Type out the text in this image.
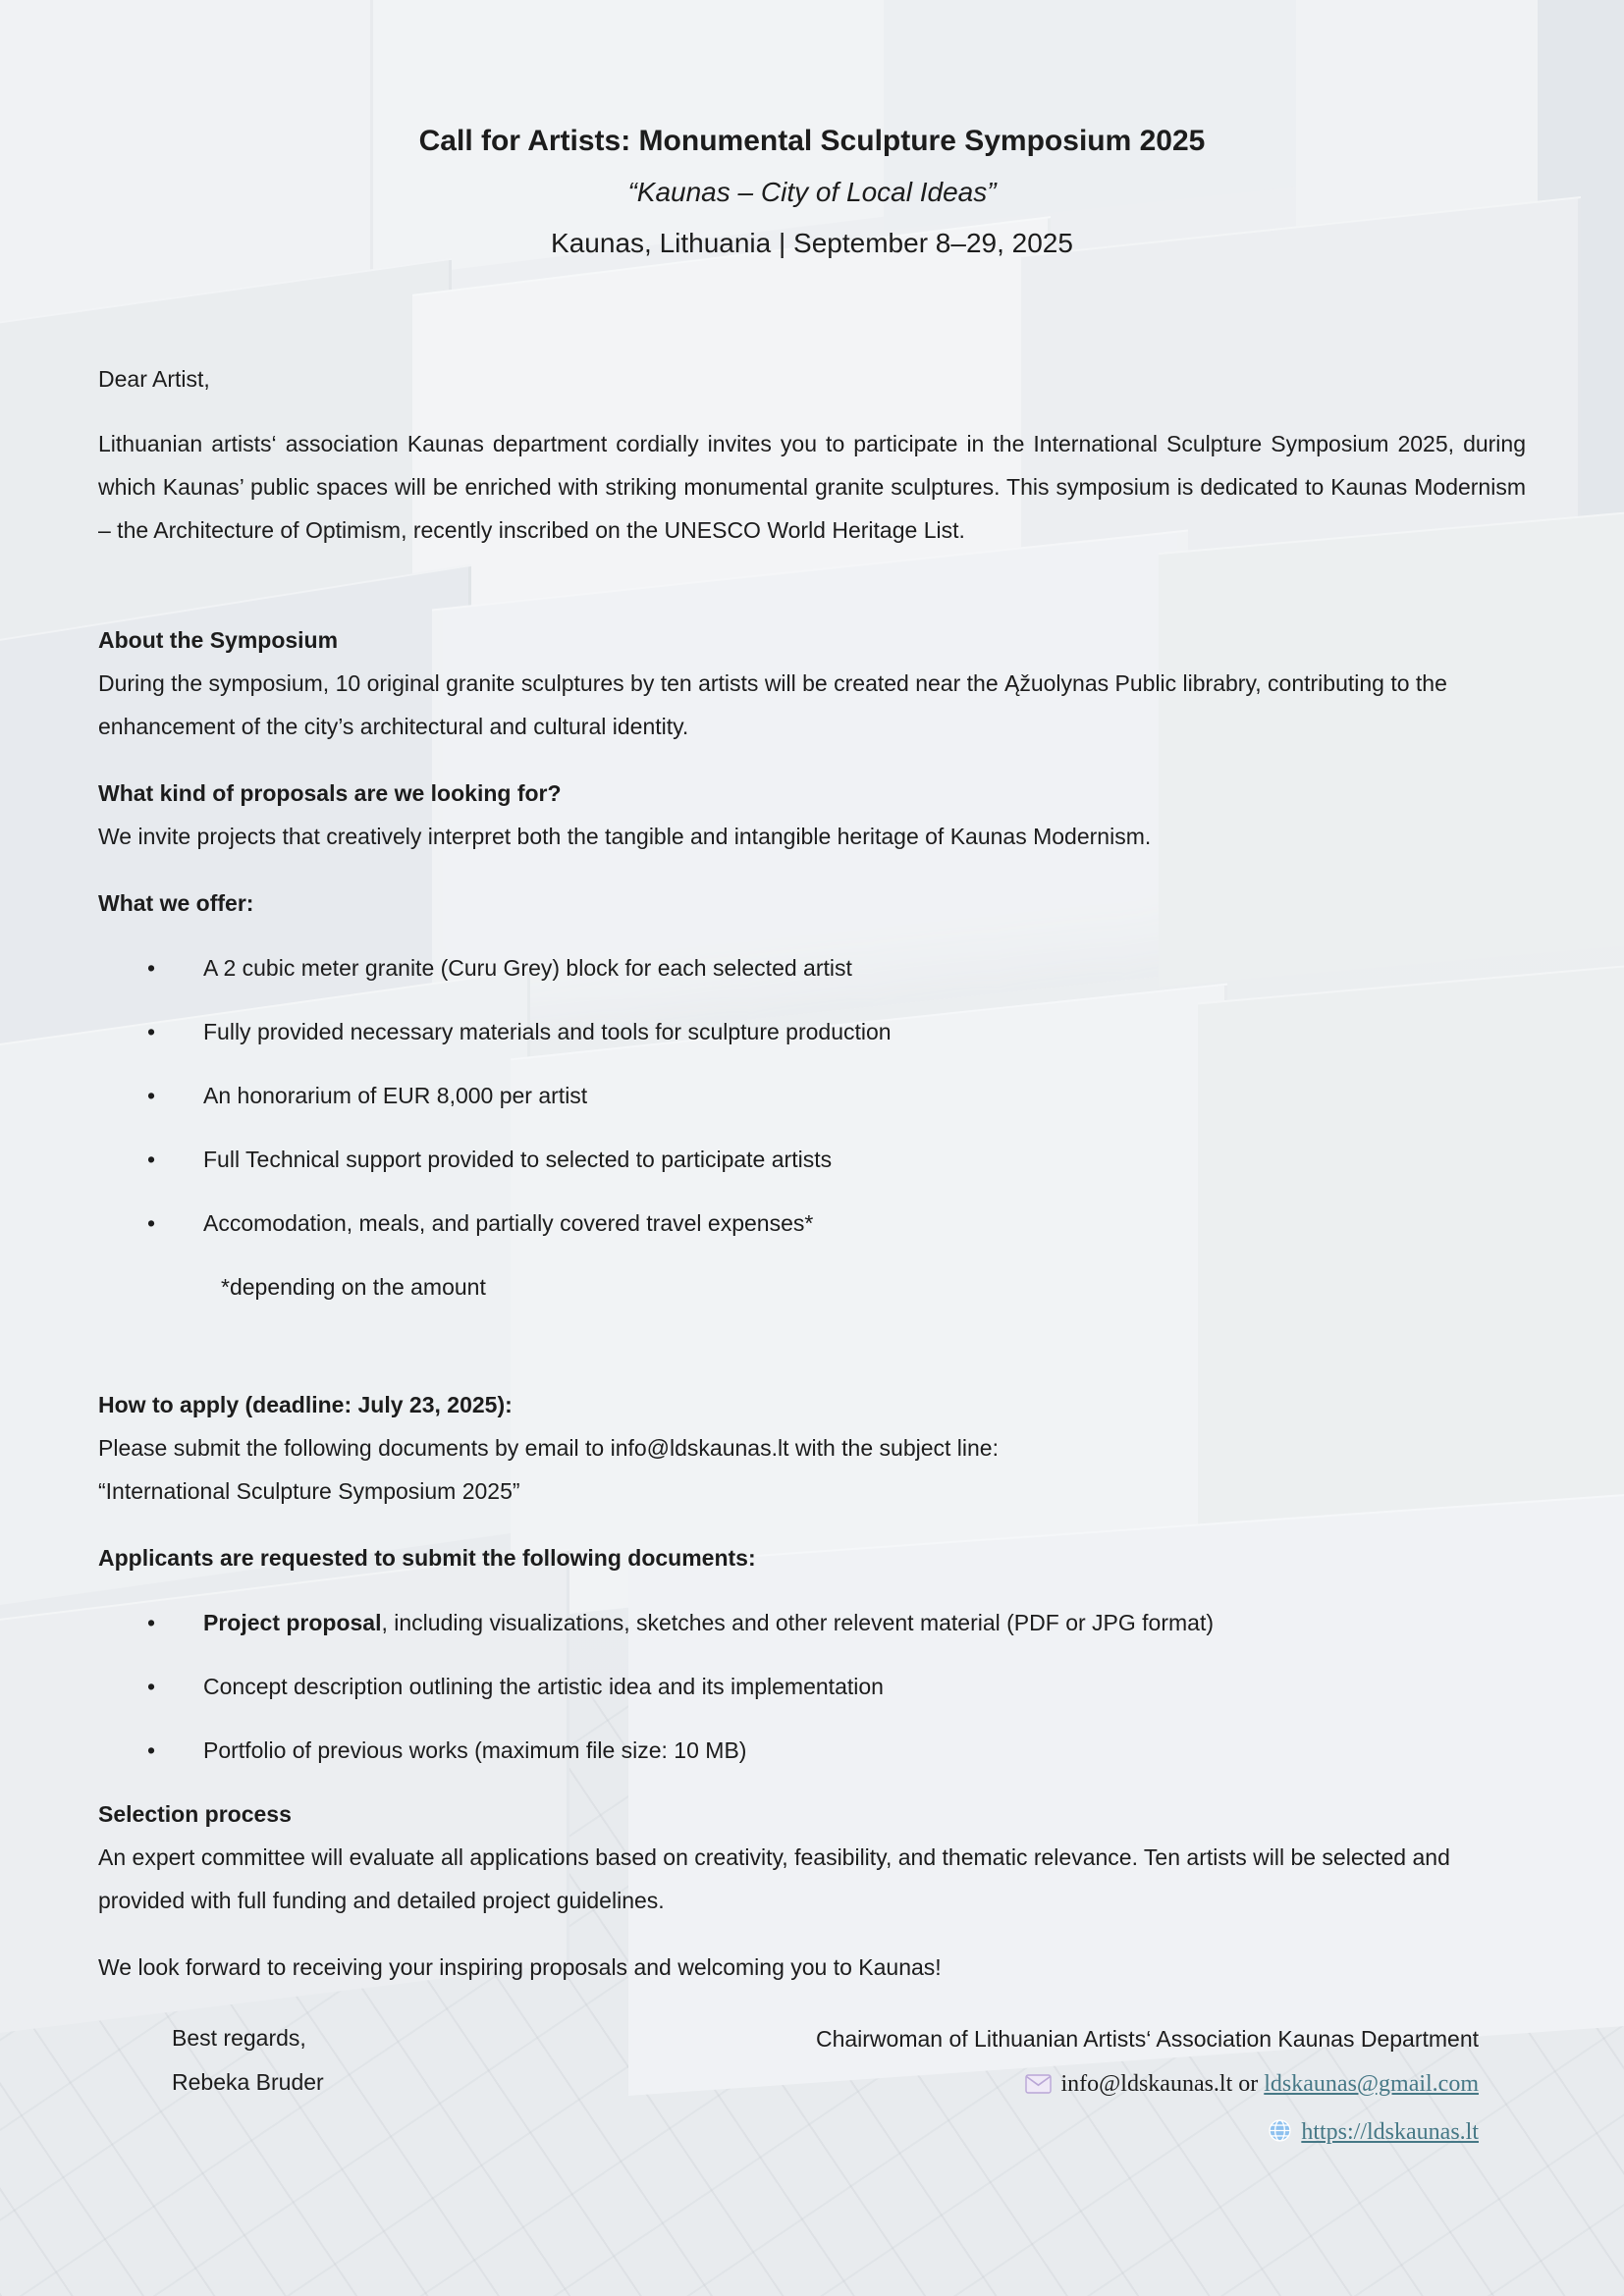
Call for Artists: Monumental Sculpture Symposium 2025
“Kaunas – City of Local Ideas”
Kaunas, Lithuania | September 8–29, 2025

Dear Artist,

Lithuanian artists‘ association Kaunas department cordially invites you to participate in the International Sculpture Symposium 2025, during which Kaunas’ public spaces will be enriched with striking monumental granite sculptures. This symposium is dedicated to Kaunas Modernism – the Architecture of Optimism, recently inscribed on the UNESCO World Heritage List.

About the Symposium

During the symposium, 10 original granite sculptures by ten artists will be created near the Ąžuolynas Public librabry, contributing to the enhancement of the city’s architectural and cultural identity.

What kind of proposals are we looking for?

We invite projects that creatively interpret both the tangible and intangible heritage of Kaunas Modernism.

What we offer:
•	A 2 cubic meter granite (Curu Grey) block for each selected artist
•	Fully provided necessary materials and tools for sculpture production
•	An honorarium of EUR 8,000 per artist
•	Full Technical support provided to selected to participate artists
•	Accomodation, meals, and partially covered travel expenses*

*depending on the amount

How to apply (deadline: July 23, 2025):

Please submit the following documents by email to info@ldskaunas.lt with the subject line:

“International Sculpture Symposium 2025”

Applicants are requested to submit the following documents:
•	Project proposal, including visualizations, sketches and other relevent material (PDF or JPG format)
•	Concept description outlining the artistic idea and its implementation
•	Portfolio of previous works (maximum file size: 10 MB)
Selection process

An expert committee will evaluate all applications based on creativity, feasibility, and thematic relevance. Ten artists will be selected and provided with full funding and detailed project guidelines.

We look forward to receiving your inspiring proposals and welcoming you to Kaunas!

Best regards,
Rebeka Bruder
Chairwoman of Lithuanian Artists‘ Association Kaunas Department
info@ldskaunas.lt or ldskaunas@gmail.com
https://ldskaunas.lt
